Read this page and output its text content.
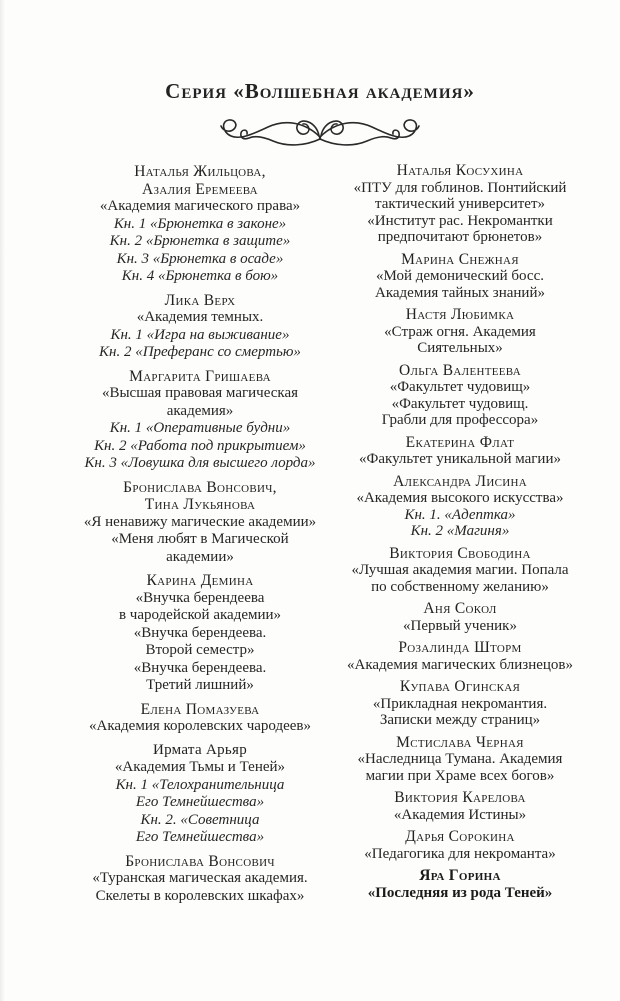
Серия «Волшебная академия»

Наталья Жильцова,

Азалия Еремеева

«Академия магического права»

Кн. 1 «Брюнетка в законе»

Кн. 2 «Брюнетка в защите»

Кн. 3 «Брюнетка в осаде»

Кн. 4 «Брюнетка в бою»

Лика Верх

«Академия темных.

Кн. 1 «Игра на выживание»

Кн. 2 «Преферанс со смертью»

Маргарита Гришаева

«Высшая правовая магическая

академия»

Кн. 1 «Оперативные будни»

Кн. 2 «Работа под прикрытием»

Кн. 3 «Ловушка для высшего лорда»

Бронислава Вонсович,

Тина Лукьянова

«Я ненавижу магические академии»

«Меня любят в Магической

академии»

Карина Демина

«Внучка берендеева

в чародейской академии»

«Внучка берендеева.

Второй семестр»

«Внучка берендеева.

Третий лишний»

Елена Помазуева

«Академия королевских чародеев»

Ирмата Арьяр

«Академия Тьмы и Теней»

Кн. 1 «Телохранительница

Его Темнейшества»

Кн. 2. «Советница

Его Темнейшества»

Бронислава Вонсович

«Туранская магическая академия.

Скелеты в королевских шкафах»

Наталья Косухина

«ПТУ для гоблинов. Понтийский

тактический университет»

«Институт рас. Некромантки

предпочитают брюнетов»

Марина Снежная

«Мой демонический босс.

Академия тайных знаний»

Настя Любимка

«Страж огня. Академия

Сиятельных»

Ольга Валентеева

«Факультет чудовищ»

«Факультет чудовищ.

Грабли для профессора»

Екатерина Флат

«Факультет уникальной магии»

Александра Лисина

«Академия высокого искусства»

Кн. 1. «Адептка»

Кн. 2 «Магиня»

Виктория Свободина

«Лучшая академия магии. Попала

по собственному желанию»

Аня Сокол

«Первый ученик»

Розалинда Шторм

«Академия магических близнецов»

Купава Огинская

«Прикладная некромантия.

Записки между страниц»

Мстислава Черная

«Наследница Тумана. Академия

магии при Храме всех богов»

Виктория Карелова

«Академия Истины»

Дарья Сорокина

«Педагогика для некроманта»

Яра Горина

«Последняя из рода Теней»
